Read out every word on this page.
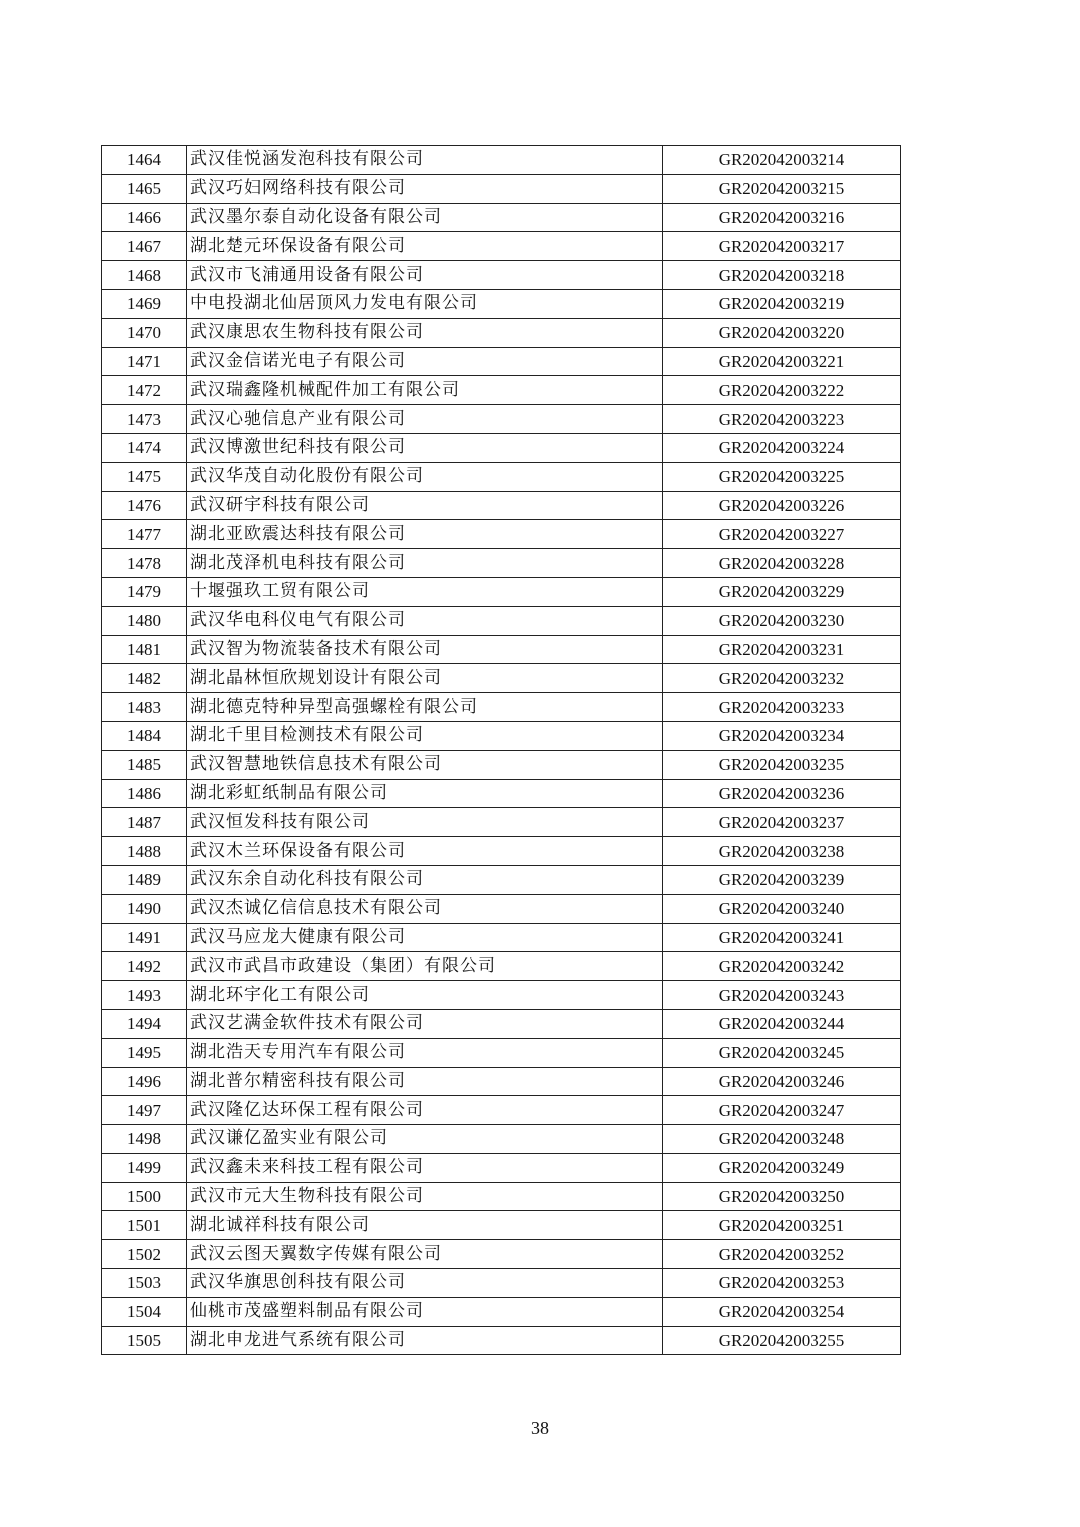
1464	武汉佳悦涵发泡科技有限公司	GR202042003214
1465	武汉巧妇网络科技有限公司	GR202042003215
1466	武汉墨尔泰自动化设备有限公司	GR202042003216
1467	湖北楚元环保设备有限公司	GR202042003217
1468	武汉市飞浦通用设备有限公司	GR202042003218
1469	中电投湖北仙居顶风力发电有限公司	GR202042003219
1470	武汉康思农生物科技有限公司	GR202042003220
1471	武汉金信诺光电子有限公司	GR202042003221
1472	武汉瑞鑫隆机械配件加工有限公司	GR202042003222
1473	武汉心驰信息产业有限公司	GR202042003223
1474	武汉博激世纪科技有限公司	GR202042003224
1475	武汉华茂自动化股份有限公司	GR202042003225
1476	武汉研宇科技有限公司	GR202042003226
1477	湖北亚欧震达科技有限公司	GR202042003227
1478	湖北茂泽机电科技有限公司	GR202042003228
1479	十堰强玖工贸有限公司	GR202042003229
1480	武汉华电科仪电气有限公司	GR202042003230
1481	武汉智为物流装备技术有限公司	GR202042003231
1482	湖北晶林恒欣规划设计有限公司	GR202042003232
1483	湖北德克特种异型高强螺栓有限公司	GR202042003233
1484	湖北千里目检测技术有限公司	GR202042003234
1485	武汉智慧地铁信息技术有限公司	GR202042003235
1486	湖北彩虹纸制品有限公司	GR202042003236
1487	武汉恒发科技有限公司	GR202042003237
1488	武汉木兰环保设备有限公司	GR202042003238
1489	武汉东余自动化科技有限公司	GR202042003239
1490	武汉杰诚亿信信息技术有限公司	GR202042003240
1491	武汉马应龙大健康有限公司	GR202042003241
1492	武汉市武昌市政建设（集团）有限公司	GR202042003242
1493	湖北环宇化工有限公司	GR202042003243
1494	武汉艺满金软件技术有限公司	GR202042003244
1495	湖北浩天专用汽车有限公司	GR202042003245
1496	湖北普尔精密科技有限公司	GR202042003246
1497	武汉隆亿达环保工程有限公司	GR202042003247
1498	武汉谦亿盈实业有限公司	GR202042003248
1499	武汉鑫未来科技工程有限公司	GR202042003249
1500	武汉市元大生物科技有限公司	GR202042003250
1501	湖北诚祥科技有限公司	GR202042003251
1502	武汉云图天翼数字传媒有限公司	GR202042003252
1503	武汉华旗思创科技有限公司	GR202042003253
1504	仙桃市茂盛塑料制品有限公司	GR202042003254
1505	湖北申龙进气系统有限公司	GR202042003255
38
